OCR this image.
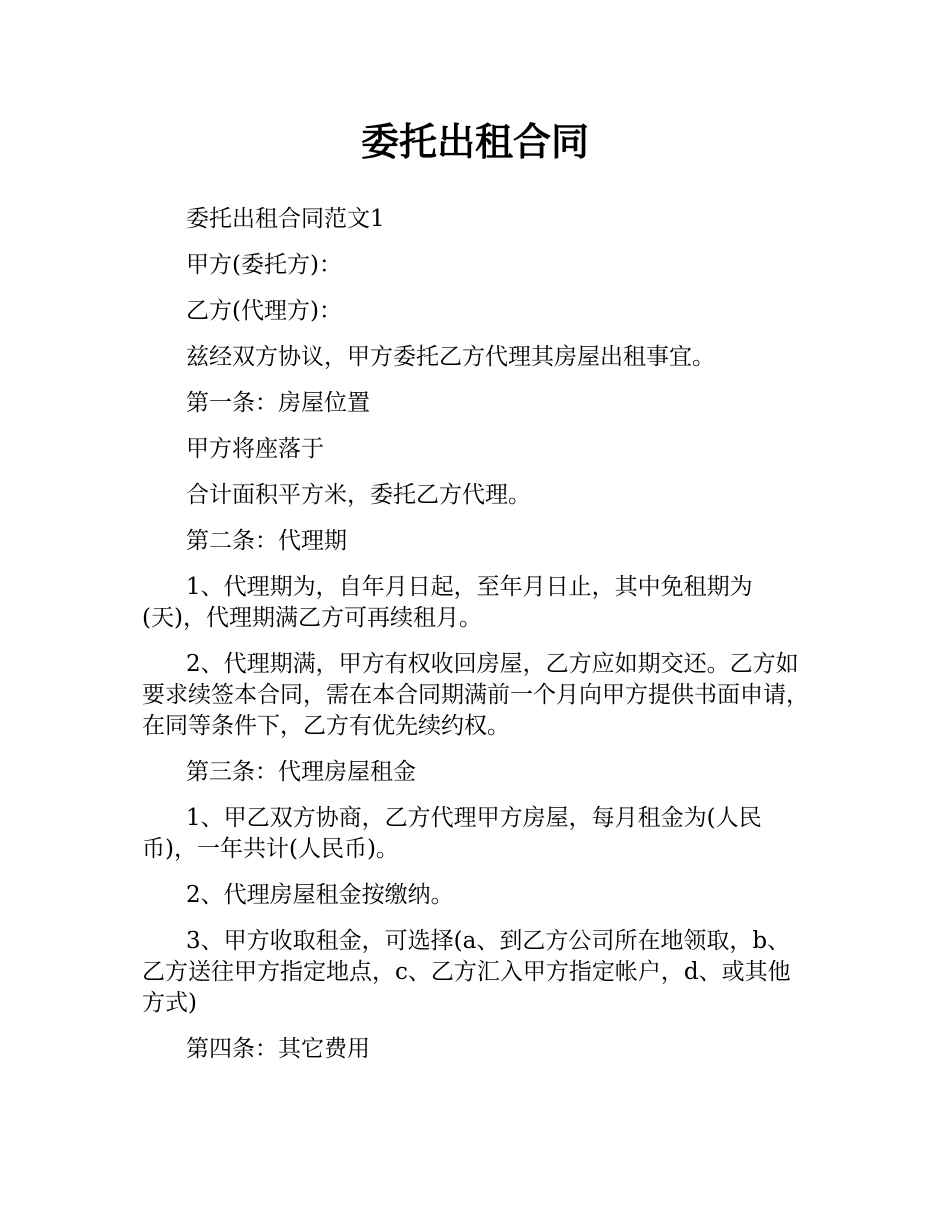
委托出租合同

委托出租合同范文1

甲方(委托方)：

乙方(代理方)：

兹经双方协议，甲方委托乙方代理其房屋出租事宜。

第一条：房屋位置

甲方将座落于

合计面积平方米，委托乙方代理。

第二条：代理期

1、代理期为，自年月日起，至年月日止，其中免租期为(天)，代理期满乙方可再续租月。

2、代理期满，甲方有权收回房屋，乙方应如期交还。乙方如要求续签本合同，需在本合同期满前一个月向甲方提供书面申请，在同等条件下，乙方有优先续约权。

第三条：代理房屋租金

1、甲乙双方协商，乙方代理甲方房屋，每月租金为(人民币)，一年共计(人民币)。

2、代理房屋租金按缴纳。

3、甲方收取租金，可选择(a、到乙方公司所在地领取，b、乙方送往甲方指定地点，c、乙方汇入甲方指定帐户，d、或其他方式)

第四条：其它费用
